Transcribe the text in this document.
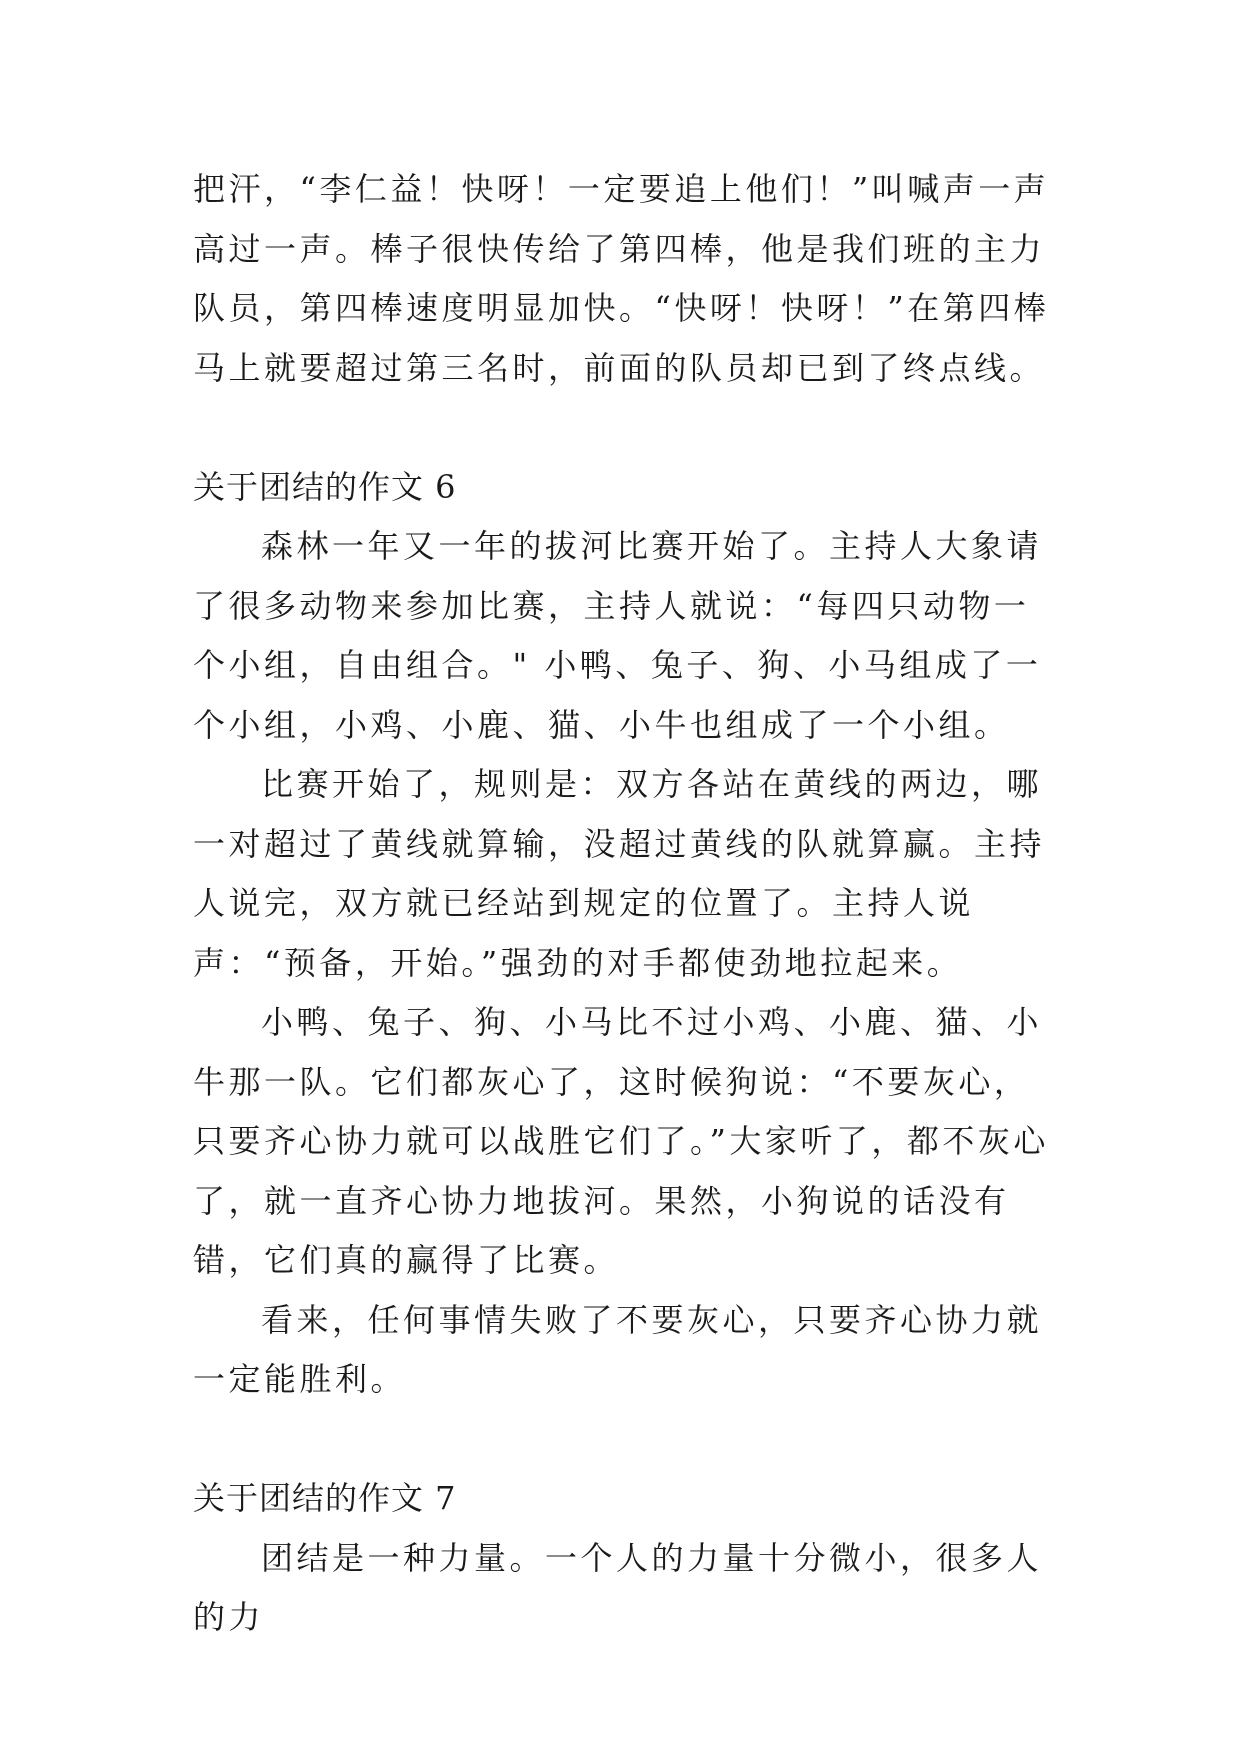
把汗，“李仁益！快呀！一定要追上他们！”叫喊声一声高过一声。棒子很快传给了第四棒，他是我们班的主力队员，第四棒速度明显加快。“快呀！快呀！”在第四棒马上就要超过第三名时，前面的队员却已到了终点线。

关于团结的作文 6

森林一年又一年的拔河比赛开始了。主持人大象请了很多动物来参加比赛，主持人就说：“每四只动物一个小组，自由组合。" 小鸭、兔子、狗、小马组成了一个小组，小鸡、小鹿、猫、小牛也组成了一个小组。

比赛开始了，规则是：双方各站在黄线的两边，哪一对超过了黄线就算输，没超过黄线的队就算赢。主持人说完，双方就已经站到规定的位置了。主持人说声：“预备，开始。”强劲的对手都使劲地拉起来。

小鸭、兔子、狗、小马比不过小鸡、小鹿、猫、小牛那一队。它们都灰心了，这时候狗说：“不要灰心，只要齐心协力就可以战胜它们了。”大家听了，都不灰心了，就一直齐心协力地拔河。果然，小狗说的话没有错，它们真的赢得了比赛。

看来，任何事情失败了不要灰心，只要齐心协力就一定能胜利。

关于团结的作文 7

团结是一种力量。一个人的力量十分微小，很多人的力
